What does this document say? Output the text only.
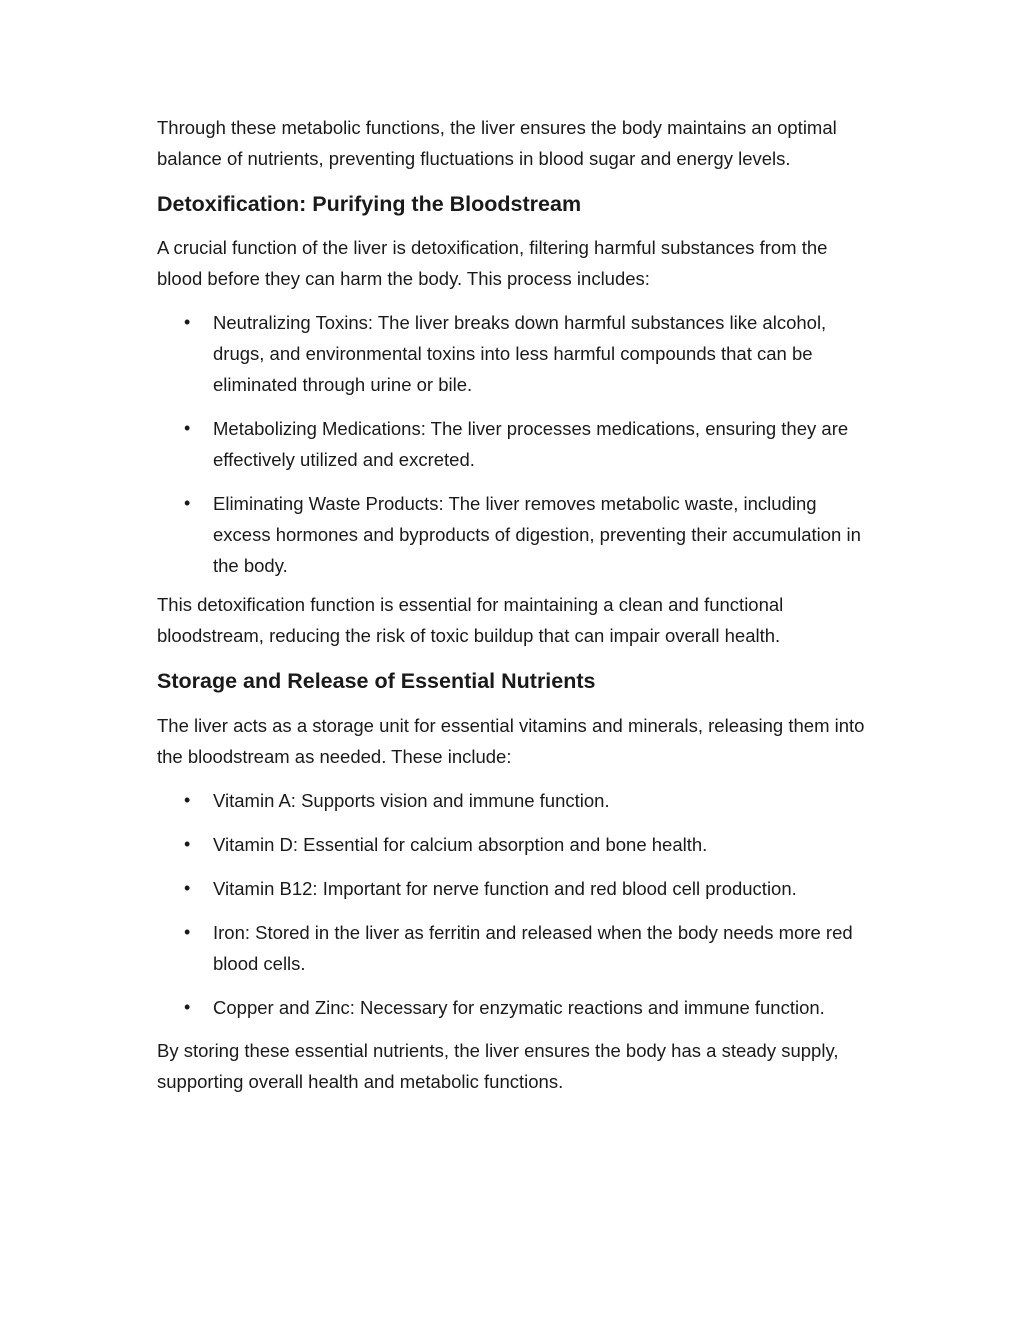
Through these metabolic functions, the liver ensures the body maintains an optimal balance of nutrients, preventing fluctuations in blood sugar and energy levels.

Detoxification: Purifying the Bloodstream

A crucial function of the liver is detoxification, filtering harmful substances from the blood before they can harm the body. This process includes:

• Neutralizing Toxins: The liver breaks down harmful substances like alcohol, drugs, and environmental toxins into less harmful compounds that can be eliminated through urine or bile.
• Metabolizing Medications: The liver processes medications, ensuring they are effectively utilized and excreted.
• Eliminating Waste Products: The liver removes metabolic waste, including excess hormones and byproducts of digestion, preventing their accumulation in the body.

This detoxification function is essential for maintaining a clean and functional bloodstream, reducing the risk of toxic buildup that can impair overall health.

Storage and Release of Essential Nutrients

The liver acts as a storage unit for essential vitamins and minerals, releasing them into the bloodstream as needed. These include:

• Vitamin A: Supports vision and immune function.
• Vitamin D: Essential for calcium absorption and bone health.
• Vitamin B12: Important for nerve function and red blood cell production.
• Iron: Stored in the liver as ferritin and released when the body needs more red blood cells.
• Copper and Zinc: Necessary for enzymatic reactions and immune function.

By storing these essential nutrients, the liver ensures the body has a steady supply, supporting overall health and metabolic functions.
